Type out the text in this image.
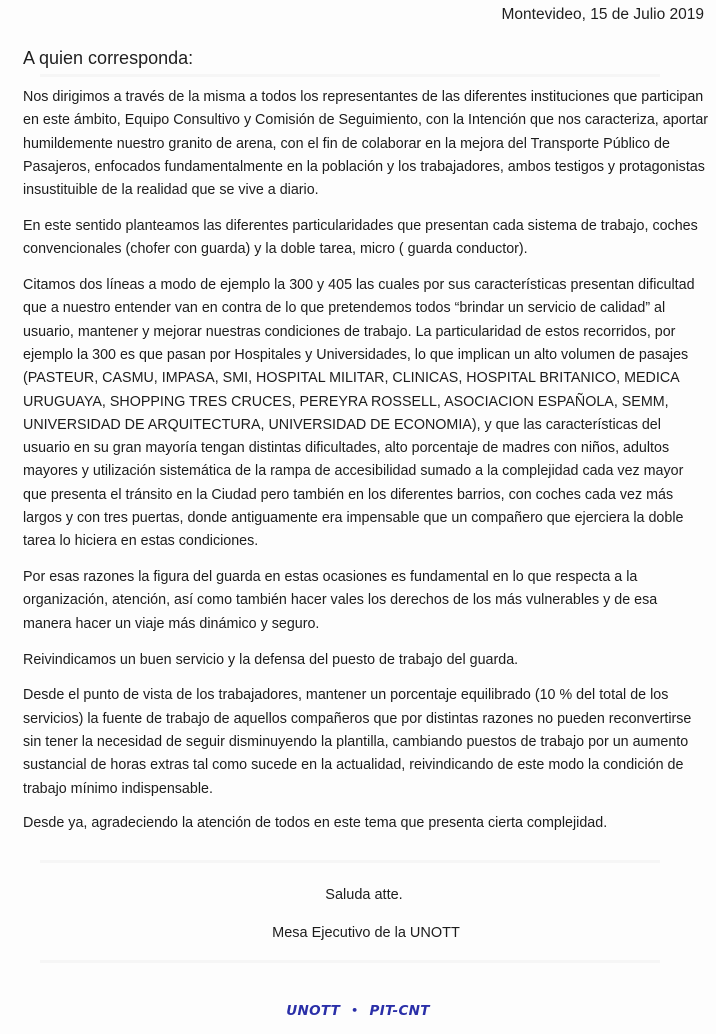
Montevideo, 15 de Julio 2019
A quien corresponda:

Nos dirigimos a través de la misma a todos los representantes de las diferentes instituciones que participan en este ámbito, Equipo Consultivo y Comisión de Seguimiento, con la Intención que nos caracteriza, aportar humildemente nuestro granito de arena, con el fin de colaborar en la mejora del Transporte Público de Pasajeros, enfocados fundamentalmente en la población y los trabajadores, ambos testigos y protagonistas insustituible de la realidad que se vive a diario.

En este sentido planteamos las diferentes particularidades que presentan cada sistema de trabajo, coches convencionales (chofer con guarda) y la doble tarea, micro ( guarda conductor).

Citamos dos líneas a modo de ejemplo la 300 y 405 las cuales por sus características presentan dificultad que a nuestro entender van en contra de lo que pretendemos todos “brindar un servicio de calidad” al usuario, mantener y mejorar nuestras condiciones de trabajo. La particularidad de estos recorridos, por ejemplo la 300 es que pasan por Hospitales y Universidades, lo que implican un alto volumen de pasajes (PASTEUR, CASMU, IMPASA, SMI, HOSPITAL MILITAR, CLINICAS, HOSPITAL BRITANICO, MEDICA URUGUAYA, SHOPPING TRES CRUCES, PEREYRA ROSSELL, ASOCIACION ESPAÑOLA, SEMM, UNIVERSIDAD DE ARQUITECTURA, UNIVERSIDAD DE ECONOMIA), y que las características del usuario en su gran mayoría tengan distintas dificultades, alto porcentaje de madres con niños, adultos mayores y utilización sistemática de la rampa de accesibilidad sumado a la complejidad cada vez mayor que presenta el tránsito en la Ciudad pero también en los diferentes barrios, con coches cada vez más largos y con tres puertas, donde antiguamente era impensable que un compañero que ejerciera la doble tarea lo hiciera en estas condiciones.

Por esas razones la figura del guarda en estas ocasiones es fundamental en lo que respecta a la organización, atención, así como también hacer vales los derechos de los más vulnerables y de esa manera hacer un viaje más dinámico y seguro.

Reivindicamos un buen servicio y la defensa del puesto de trabajo del guarda.

Desde el punto de vista de los trabajadores, mantener un porcentaje equilibrado (10 % del total de los servicios) la fuente de trabajo de aquellos compañeros que por distintas razones no pueden reconvertirse sin tener la necesidad de seguir disminuyendo la plantilla, cambiando puestos de trabajo por un aumento sustancial de horas extras tal como sucede en la actualidad, reivindicando de este modo la condición de trabajo mínimo indispensable.

Desde ya, agradeciendo la atención de todos en este tema que presenta cierta complejidad.

Saluda atte.
Mesa Ejecutivo de la UNOTT
UNOTT • PIT-CNT
